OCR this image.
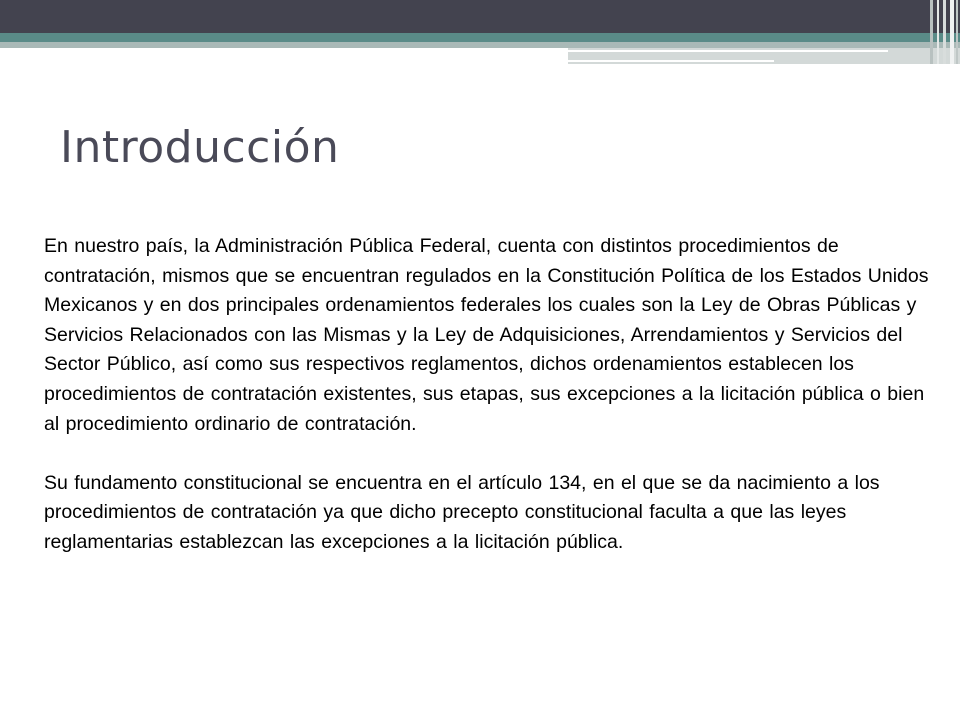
Introducción

En nuestro país, la Administración Pública Federal, cuenta con distintos procedimientos de contratación, mismos que se encuentran regulados en la Constitución Política de los Estados Unidos Mexicanos y en dos principales ordenamientos federales los cuales son la Ley de Obras Públicas y Servicios Relacionados con las Mismas y la Ley de Adquisiciones, Arrendamientos y Servicios del Sector Público, así como sus respectivos reglamentos, dichos ordenamientos establecen los procedimientos de contratación existentes, sus etapas, sus excepciones a la licitación pública o bien al procedimiento ordinario de contratación.

Su fundamento constitucional se encuentra en el artículo 134, en el que se da nacimiento a los procedimientos de contratación ya que dicho precepto constitucional faculta a que las leyes reglamentarias establezcan las excepciones a la licitación pública.
